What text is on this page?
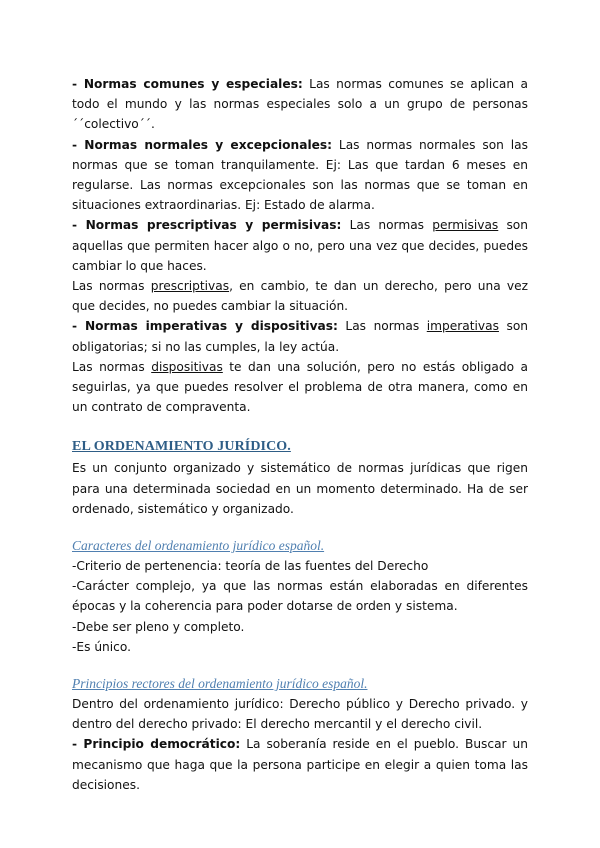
- Normas comunes y especiales: Las normas comunes se aplican a todo el mundo y las normas especiales solo a un grupo de personas ´´colectivo´´.

- Normas normales y excepcionales: Las normas normales son las normas que se toman tranquilamente. Ej: Las que tardan 6 meses en regularse. Las normas excepcionales son las normas que se toman en situaciones extraordinarias. Ej: Estado de alarma.

- Normas prescriptivas y permisivas: Las normas permisivas son aquellas que permiten hacer algo o no, pero una vez que decides, puedes cambiar lo que haces.

Las normas prescriptivas, en cambio, te dan un derecho, pero una vez que decides, no puedes cambiar la situación.

- Normas imperativas y dispositivas: Las normas imperativas son obligatorias; si no las cumples, la ley actúa.

Las normas dispositivas te dan una solución, pero no estás obligado a seguirlas, ya que puedes resolver el problema de otra manera, como en un contrato de compraventa.

EL ORDENAMIENTO JURÍDICO.

Es un conjunto organizado y sistemático de normas jurídicas que rigen para una determinada sociedad en un momento determinado. Ha de ser ordenado, sistemático y organizado.

Caracteres del ordenamiento jurídico español.

-Criterio de pertenencia: teoría de las fuentes del Derecho

-Carácter complejo, ya que las normas están elaboradas en diferentes épocas y la coherencia para poder dotarse de orden y sistema.

-Debe ser pleno y completo.

-Es único.

Principios rectores del ordenamiento jurídico español.

Dentro del ordenamiento jurídico: Derecho público y Derecho privado. y dentro del derecho privado: El derecho mercantil y el derecho civil.

- Principio democrático: La soberanía reside en el pueblo. Buscar un mecanismo que haga que la persona participe en elegir a quien toma las decisiones.
